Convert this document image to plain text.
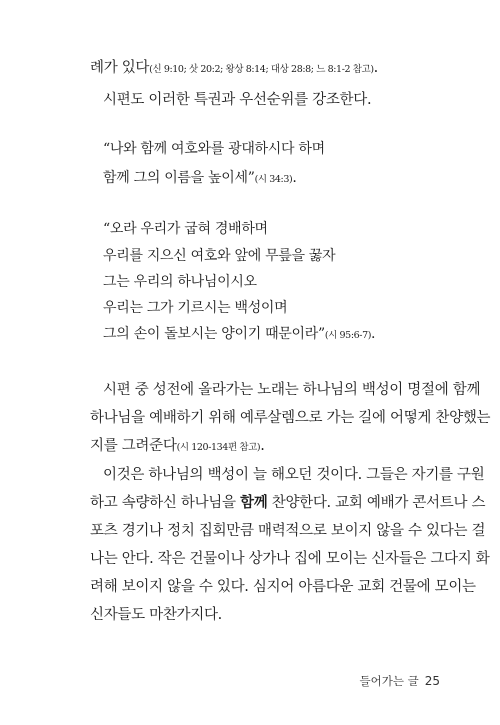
례가 있다(신 9:10; 삿 20:2; 왕상 8:14; 대상 28:8; 느 8:1-2 참고).
시편도 이러한 특권과 우선순위를 강조한다.
“나와 함께 여호와를 광대하시다 하며
함께 그의 이름을 높이세”(시 34:3).
“오라 우리가 굽혀 경배하며
우리를 지으신 여호와 앞에 무릎을 꿇자
그는 우리의 하나님이시오
우리는 그가 기르시는 백성이며
그의 손이 돌보시는 양이기 때문이라”(시 95:6-7).
시편 중 성전에 올라가는 노래는 하나님의 백성이 명절에 함께
하나님을 예배하기 위해 예루살렘으로 가는 길에 어떻게 찬양했는
지를 그려준다(시 120-134편 참고).
이것은 하나님의 백성이 늘 해오던 것이다. 그들은 자기를 구원
하고 속량하신 하나님을 함께 찬양한다. 교회 예배가 콘서트나 스
포츠 경기나 정치 집회만큼 매력적으로 보이지 않을 수 있다는 걸
나는 안다. 작은 건물이나 상가나 집에 모이는 신자들은 그다지 화
려해 보이지 않을 수 있다. 심지어 아름다운 교회 건물에 모이는
신자들도 마찬가지다.
들어가는 글 25
